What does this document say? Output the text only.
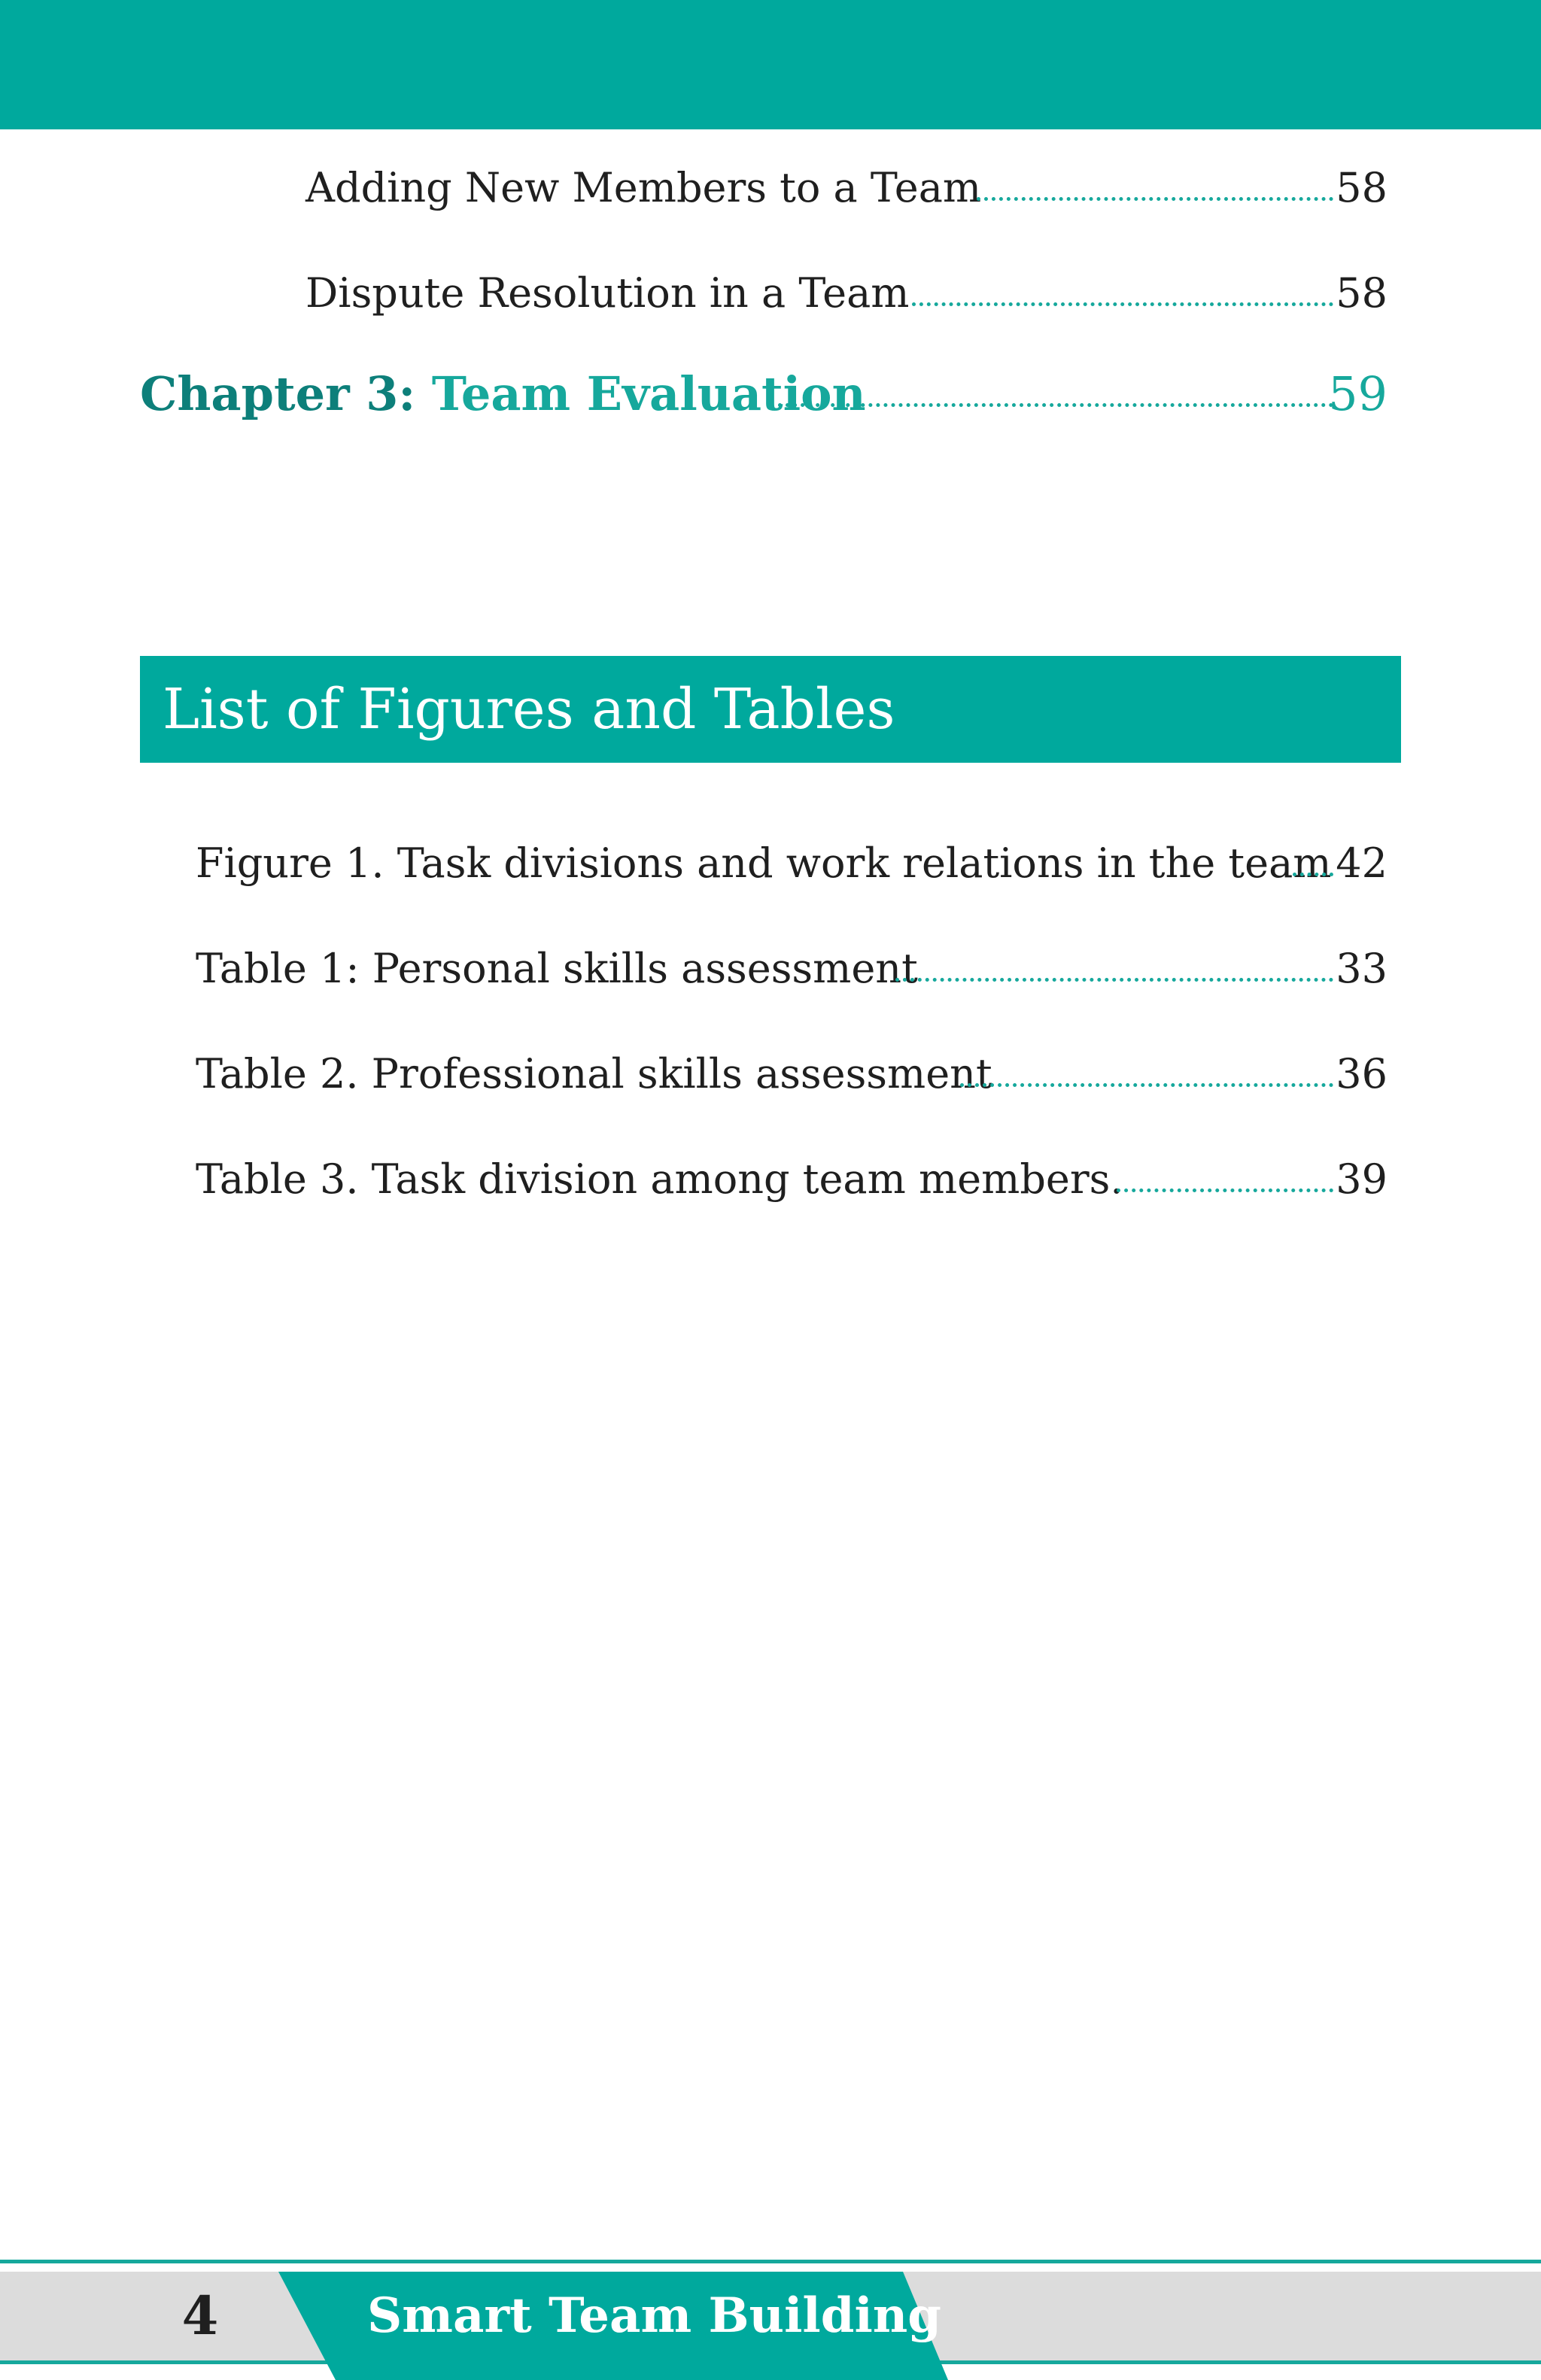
Adding New Members to a Team	58
Dispute Resolution in a Team	58
Chapter 3: Team Evaluation	59
List of Figures and Tables
Figure 1. Task divisions and work relations in the team 42
Table 1: Personal skills assessment	33
Table 2. Professional skills assessment	36
Table 3. Task division among team members.	39
Smart Team Building
4
